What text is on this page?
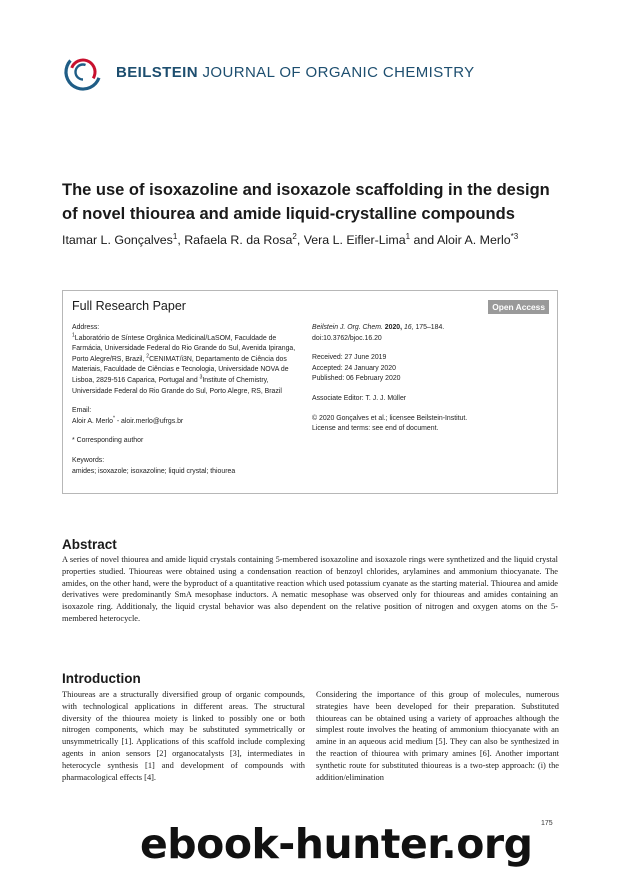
BEILSTEIN JOURNAL OF ORGANIC CHEMISTRY
The use of isoxazoline and isoxazole scaffolding in the design of novel thiourea and amide liquid-crystalline compounds
Itamar L. Gonçalves$^1$, Rafaela R. da Rosa$^2$, Vera L. Eifler-Lima$^1$ and Aloir A. Merlo$^{*3}$
Full Research Paper	Open Access
Address:
$^1$Laboratório de Síntese Orgânica Medicinal/LaSOM, Faculdade de Farmácia, Universidade Federal do Rio Grande do Sul, Avenida Ipiranga, Porto Alegre/RS, Brazil, $^2$CENIMAT/i3N, Departamento de Ciência dos Materiais, Faculdade de Ciências e Tecnologia, Universidade NOVA de Lisboa, 2829-516 Caparica, Portugal and $^3$Institute of Chemistry, Universidade Federal do Rio Grande do Sul, Porto Alegre, RS, Brazil
Email:
Aloir A. Merlo* - aloir.merlo@ufrgs.br
* Corresponding author
Keywords:
amides; isoxazole; isoxazoline; liquid crystal; thiourea
Beilstein J. Org. Chem. 2020, 16, 175–184.
doi:10.3762/bjoc.16.20
Received: 27 June 2019
Accepted: 24 January 2020
Published: 06 February 2020
Associate Editor: T. J. J. Müller
© 2020 Gonçalves et al.; licensee Beilstein-Institut.
License and terms: see end of document.
Abstract

A series of novel thiourea and amide liquid crystals containing 5-membered isoxazoline and isoxazole rings were synthetized and the liquid crystal properties studied. Thioureas were obtained using a condensation reaction of benzoyl chlorides, arylamines and ammonium thiocyanate. The amides, on the other hand, were the byproduct of a quantitative reaction which used potassium cyanate as the starting material. Thiourea and amide derivatives were predominantly SmA mesophase inductors. A nematic mesophase was observed only for thioureas and amides containing an isoxazole ring. Additionaly, the liquid crystal behavior was also dependent on the relative position of nitrogen and oxygen atoms on the 5-membered heterocycle.

Introduction

Thioureas are a structurally diversified group of organic compounds, with technological applications in different areas. The structural diversity of the thiourea moiety is linked to possibly one or both nitrogen components, which may be substituted symmetrically or unsymmetrically [1]. Applications of this scaffold include complexing agents in anion sensors [2] organocatalysts [3], intermediates in heterocycle synthesis [1] and development of compounds with pharmacological effects [4].

Considering the importance of this group of molecules, numerous strategies have been developed for their preparation. Substituted thioureas can be obtained using a variety of approaches although the simplest route involves the heating of ammonium thiocyanate with an amine in an aqueous acid medium [5]. They can also be synthesized in the reaction of thiourea with primary amines [6]. Another important synthetic route for substituted thioureas is a two-step approach: (i) the addition/elimination

175
ebook-hunter.org
